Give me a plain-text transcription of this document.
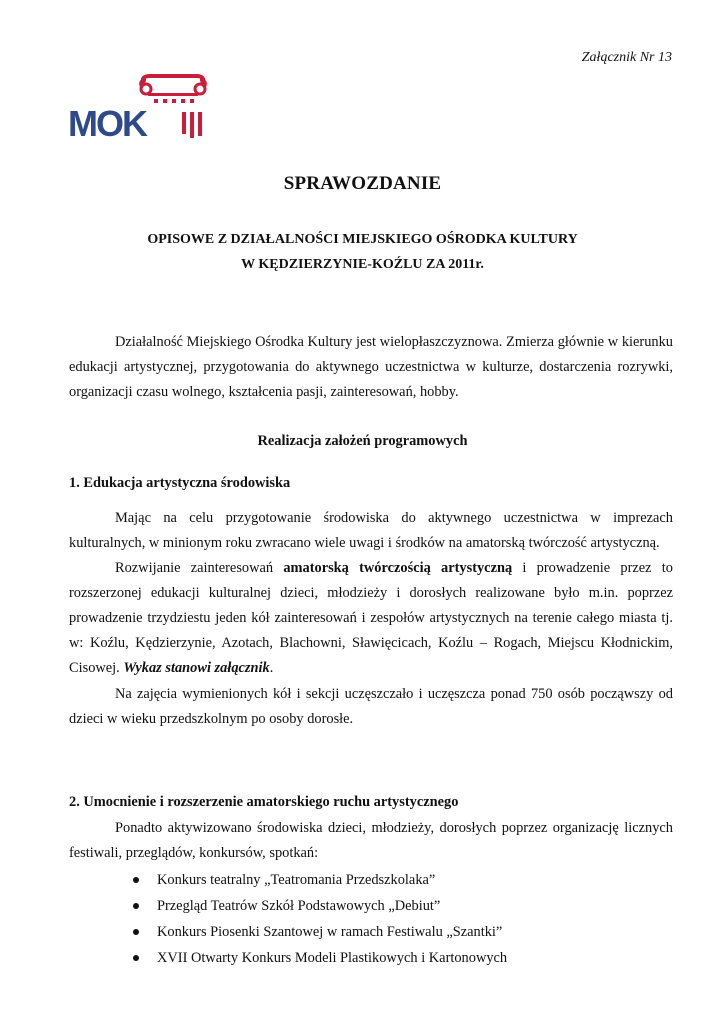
Załącznik Nr 13
MOK
SPRAWOZDANIE
OPISOWE Z DZIAŁALNOŚCI MIEJSKIEGO OŚRODKA KULTURY
W KĘDZIERZYNIE-KOŹLU ZA 2011r.

Działalność Miejskiego Ośrodka Kultury jest wielopłaszczyznowa. Zmierza głównie w kierunku edukacji artystycznej, przygotowania do aktywnego uczestnictwa w kulturze, dostarczenia rozrywki, organizacji czasu wolnego, kształcenia pasji, zainteresowań, hobby.

Realizacja założeń programowych
1. Edukacja artystyczna środowiska

Mając na celu przygotowanie środowiska do aktywnego uczestnictwa w imprezach kulturalnych, w minionym roku zwracano wiele uwagi i środków na amatorską twórczość artystyczną.

Rozwijanie zainteresowań amatorską twórczością artystyczną i prowadzenie przez to rozszerzonej edukacji kulturalnej dzieci, młodzieży i dorosłych realizowane było m.in. poprzez prowadzenie trzydziestu jeden kół zainteresowań i zespołów artystycznych na terenie całego miasta tj. w: Koźlu, Kędzierzynie, Azotach, Blachowni, Sławięcicach, Koźlu – Rogach, Miejscu Kłodnickim, Cisowej. Wykaz stanowi załącznik.

Na zajęcia wymienionych kół i sekcji uczęszczało i uczęszcza ponad 750 osób począwszy od dzieci w wieku przedszkolnym po osoby dorosłe.

2. Umocnienie i rozszerzenie amatorskiego ruchu artystycznego

Ponadto aktywizowano środowiska dzieci, młodzieży, dorosłych poprzez organizację licznych festiwali, przeglądów, konkursów, spotkań:

Konkurs teatralny „Teatromania Przedszkolaka”
Przegląd Teatrów Szkół Podstawowych „Debiut”
Konkurs Piosenki Szantowej w ramach Festiwalu „Szantki”
XVII Otwarty Konkurs Modeli Plastikowych i Kartonowych
